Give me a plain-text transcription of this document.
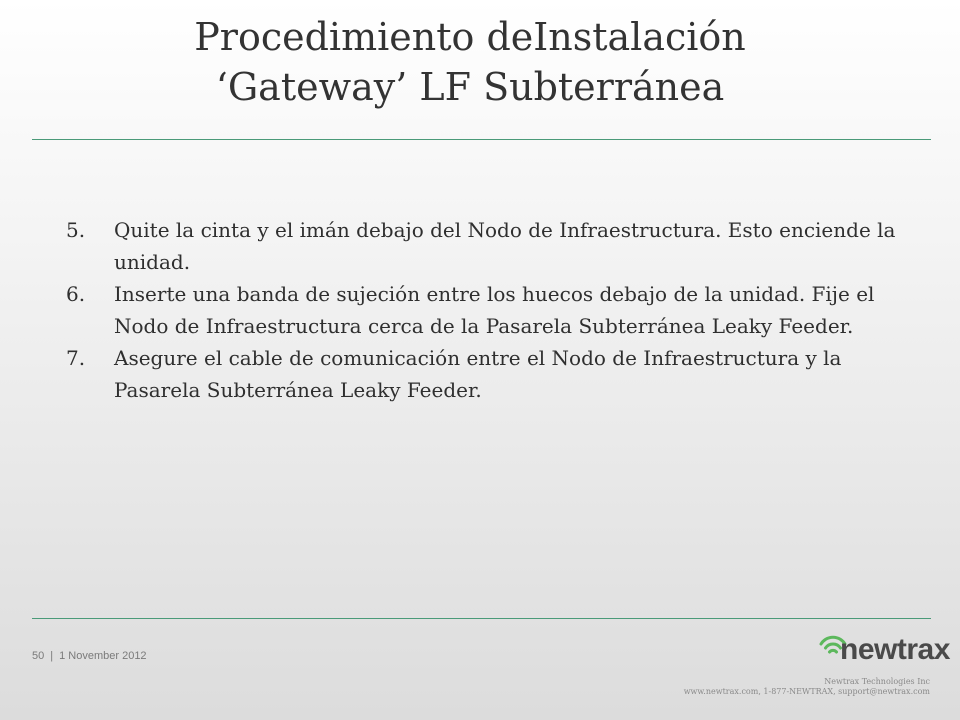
Procedimiento deInstalación
‘Gateway’ LF Subterránea
5.	Quite la cinta y el imán debajo del Nodo de Infraestructura. Esto enciende la unidad.
6.	Inserte una banda de sujeción entre los huecos debajo de la unidad. Fije el Nodo de Infraestructura cerca de la Pasarela Subterránea Leaky Feeder.
7.	Asegure el cable de comunicación entre el Nodo de Infraestructura y la Pasarela Subterránea Leaky Feeder.
50 | 1 November 2012	newtrax
Newtrax Technologies Inc
www.newtrax.com, 1-877-NEWTRAX, support@newtrax.com
